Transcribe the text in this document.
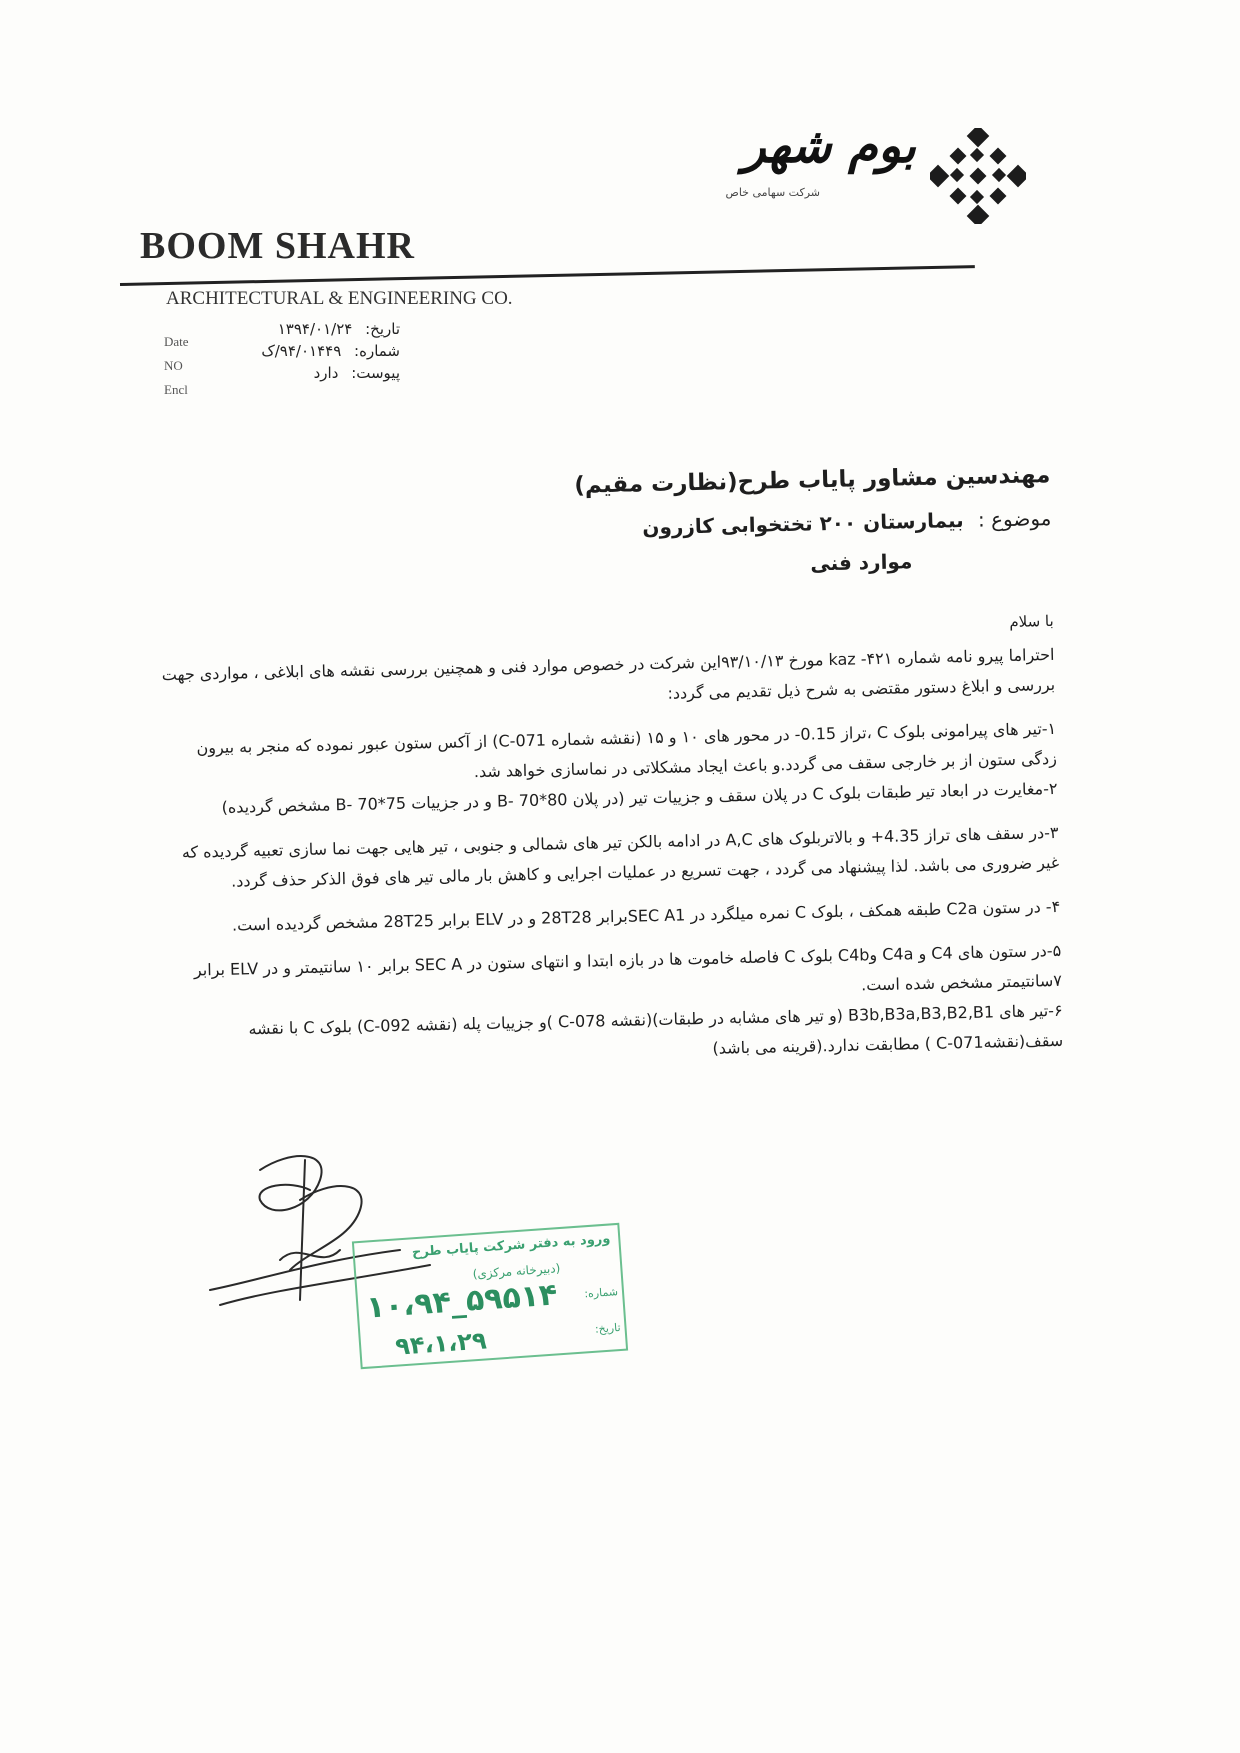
بوم شهر
شرکت سهامی خاص
BOOM SHAHR
ARCHITECTURAL & ENGINEERING CO.
Date
NO
Encl
تاریخ: ۱۳۹۴/۰۱/۲۴
شماره: ۹۴/۰۱۴۴۹/ک
پیوست: دارد
مهندسین مشاور پایاب طرح(نظارت مقیم)
موضوع : بیمارستان ۲۰۰ تختخوابی کازرون
موارد فنی
با سلام
احتراما پیرو نامه شماره ۴۲۱- kaz مورخ ۹۳/۱۰/۱۳این شرکت در خصوص موارد فنی و همچنین بررسی نقشه های ابلاغی ، مواردی جهت بررسی و ابلاغ دستور مقتضی به شرح ذیل تقدیم می گردد:
۱-تیر های پیرامونی بلوک C ،تراز 0.15- در محور های ۱۰ و ۱۵ (نقشه شماره C-071) از آکس ستون عبور نموده که منجر به بیرون زدگی ستون از بر خارجی سقف می گردد.و باعث ایجاد مشکلاتی در نماسازی خواهد شد.
۲-مغایرت در ابعاد تیر طبقات بلوک C در پلان سقف و جزییات تیر (در پلان 80*70 -B و در جزییات 75*70 -B مشخص گردیده)
۳-در سقف های تراز 4.35+ و بالاتربلوک های A,C در ادامه بالکن تیر های شمالی و جنوبی ، تیر هایی جهت نما سازی تعبیه گردیده که غیر ضروری می باشد. لذا پیشنهاد می گردد ، جهت تسریع در عملیات اجرایی و کاهش بار مالی تیر های فوق الذکر حذف گردد.
۴- در ستون C2a طبقه همکف ، بلوک C نمره میلگرد در SEC A1برابر 28T28 و در ELV برابر 28T25 مشخص گردیده است.
۵-در ستون های C4 و C4a وC4b بلوک C فاصله خاموت ها در بازه ابتدا و انتهای ستون در SEC A برابر ۱۰ سانتیمتر و در ELV برابر ۷سانتیمتر مشخص شده است.
۶-تیر های B3b,B3a,B3,B2,B1 (و تیر های مشابه در طبقات)(نقشه C-078 )و جزییات پله (نقشه C-092) بلوک C با نقشه سقف(نقشهC-071 ) مطابقت ندارد.(قرینه می باشد)
ورود به دفتر شرکت پایاب طرح
(دبیرخانه مرکزی)
شماره:
تاریخ:
۱۰،۹۴_۵۹۵۱۴
۹۴،۱،۲۹
